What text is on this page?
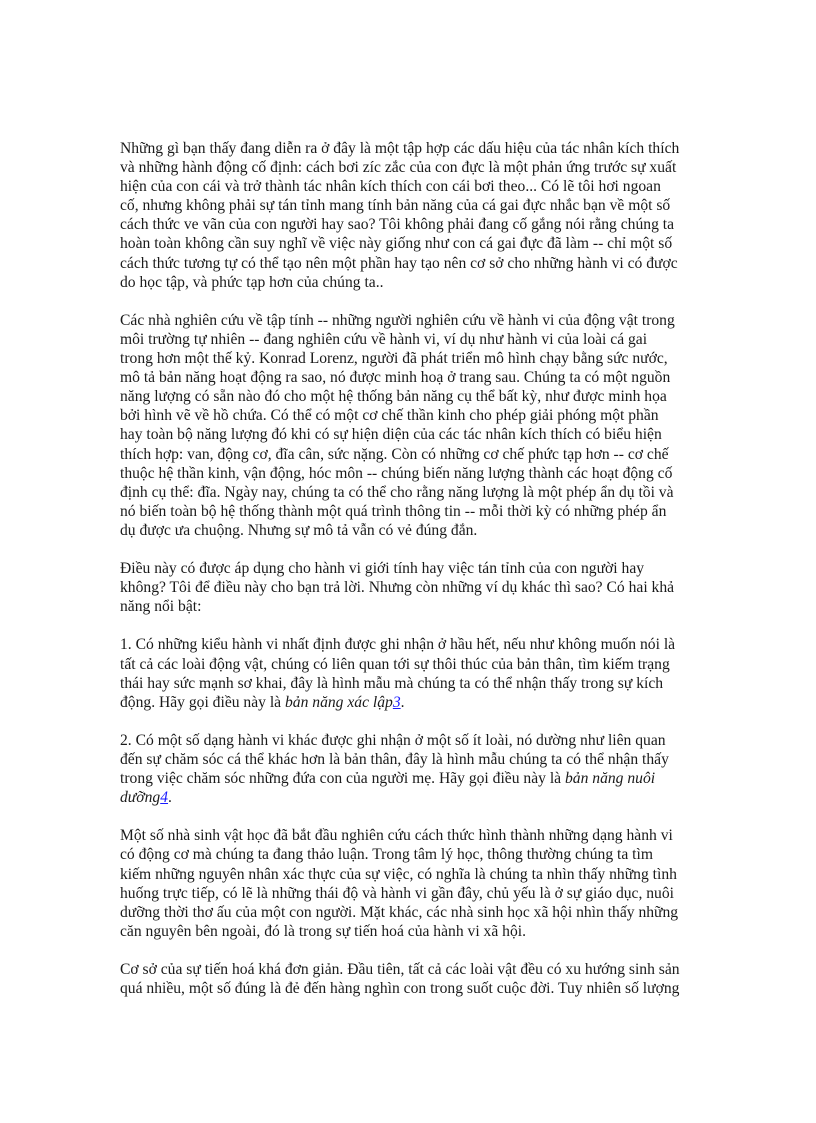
Những gì bạn thấy đang diễn ra ở đây là một tập hợp các dấu hiệu của tác nhân kích thích
và những hành động cố định: cách bơi zíc zắc của con đực là một phản ứng trước sự xuất
hiện của con cái và trở thành tác nhân kích thích con cái bơi theo... Có lẽ tôi hơi ngoan
cố, nhưng không phải sự tán tỉnh mang tính bản năng của cá gai đực nhắc bạn về một số
cách thức ve vãn của con người hay sao? Tôi không phải đang cố gắng nói rằng chúng ta
hoàn toàn không cần suy nghĩ về việc này giống như con cá gai đực đã làm -- chỉ một số
cách thức tương tự có thể tạo nên một phần hay tạo nên cơ sở cho những hành vi có được
do học tập, và phức tạp hơn của chúng ta..

Các nhà nghiên cứu về tập tính -- những người nghiên cứu về hành vi của động vật trong
môi trường tự nhiên -- đang nghiên cứu về hành vi, ví dụ như hành vi của loài cá gai
trong hơn một thế kỷ. Konrad Lorenz, người đã phát triển mô hình chạy bằng sức nước,
mô tả bản năng hoạt động ra sao, nó được minh hoạ ở trang sau. Chúng ta có một nguồn
năng lượng có sẵn nào đó cho một hệ thống bản năng cụ thể bất kỳ, như được minh họa
bởi hình vẽ về hồ chứa. Có thể có một cơ chế thần kinh cho phép giải phóng một phần
hay toàn bộ năng lượng đó khi có sự hiện diện của các tác nhân kích thích có biểu hiện
thích hợp: van, động cơ, đĩa cân, sức nặng. Còn có những cơ chế phức tạp hơn -- cơ chế
thuộc hệ thần kinh, vận động, hóc môn -- chúng biến năng lượng thành các hoạt động cố
định cụ thể: đĩa. Ngày nay, chúng ta có thể cho rằng năng lượng là một phép ẩn dụ tồi và
nó biến toàn bộ hệ thống thành một quá trình thông tin -- mỗi thời kỳ có những phép ẩn
dụ được ưa chuộng. Nhưng sự mô tả vẫn có vẻ đúng đắn.

Điều này có được áp dụng cho hành vi giới tính hay việc tán tỉnh của con người hay
không? Tôi để điều này cho bạn trả lời. Nhưng còn những ví dụ khác thì sao? Có hai khả
năng nổi bật:

1. Có những kiểu hành vi nhất định được ghi nhận ở hầu hết, nếu như không muốn nói là
tất cả các loài động vật, chúng có liên quan tới sự thôi thúc của bản thân, tìm kiếm trạng
thái hay sức mạnh sơ khai, đây là hình mẫu mà chúng ta có thể nhận thấy trong sự kích
động. Hãy gọi điều này là bản năng xác lập3.

2. Có một số dạng hành vi khác được ghi nhận ở một số ít loài, nó dường như liên quan
đến sự chăm sóc cá thể khác hơn là bản thân, đây là hình mẫu chúng ta có thể nhận thấy
trong việc chăm sóc những đứa con của người mẹ. Hãy gọi điều này là bản năng nuôi
dưỡng4.

Một số nhà sinh vật học đã bắt đầu nghiên cứu cách thức hình thành những dạng hành vi
có động cơ mà chúng ta đang thảo luận. Trong tâm lý học, thông thường chúng ta tìm
kiếm những nguyên nhân xác thực của sự việc, có nghĩa là chúng ta nhìn thấy những tình
huống trực tiếp, có lẽ là những thái độ và hành vi gần đây, chủ yếu là ở sự giáo dục, nuôi
dưỡng thời thơ ấu của một con người. Mặt khác, các nhà sinh học xã hội nhìn thấy những
căn nguyên bên ngoài, đó là trong sự tiến hoá của hành vi xã hội.

Cơ sở của sự tiến hoá khá đơn giản. Đầu tiên, tất cả các loài vật đều có xu hướng sinh sản
quá nhiều, một số đúng là đẻ đến hàng nghìn con trong suốt cuộc đời. Tuy nhiên số lượng
